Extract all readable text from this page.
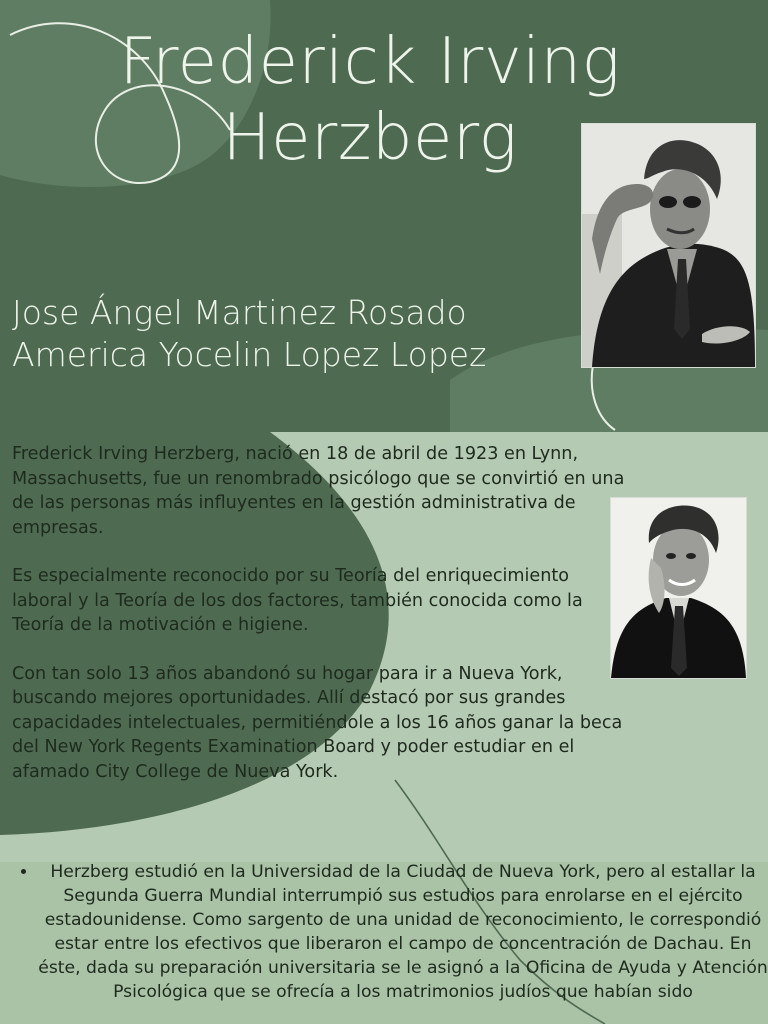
Frederick Irving Herzberg
Jose Ángel Martinez Rosado
America Yocelin Lopez Lopez

Frederick Irving Herzberg, nació en 18 de abril de 1923 en Lynn, Massachusetts, fue un renombrado psicólogo que se convirtió en una de las personas más influyentes en la gestión administrativa de empresas.

Es especialmente reconocido por su Teoría del enriquecimiento laboral y la Teoría de los dos factores, también conocida como la Teoría de la motivación e higiene.

Con tan solo 13 años abandonó su hogar para ir a Nueva York, buscando mejores oportunidades. Allí destacó por sus grandes capacidades intelectuales, permitiéndole a los 16 años ganar la beca del New York Regents Examination Board y poder estudiar en el afamado City College de Nueva York.

• Herzberg estudió en la Universidad de la Ciudad de Nueva York, pero al estallar la Segunda Guerra Mundial interrumpió sus estudios para enrolarse en el ejército estadounidense. Como sargento de una unidad de reconocimiento, le correspondió estar entre los efectivos que liberaron el campo de concentración de Dachau. En éste, dada su preparación universitaria se le asignó a la Oficina de Ayuda y Atención Psicológica que se ofrecía a los matrimonios judíos que habían sido
